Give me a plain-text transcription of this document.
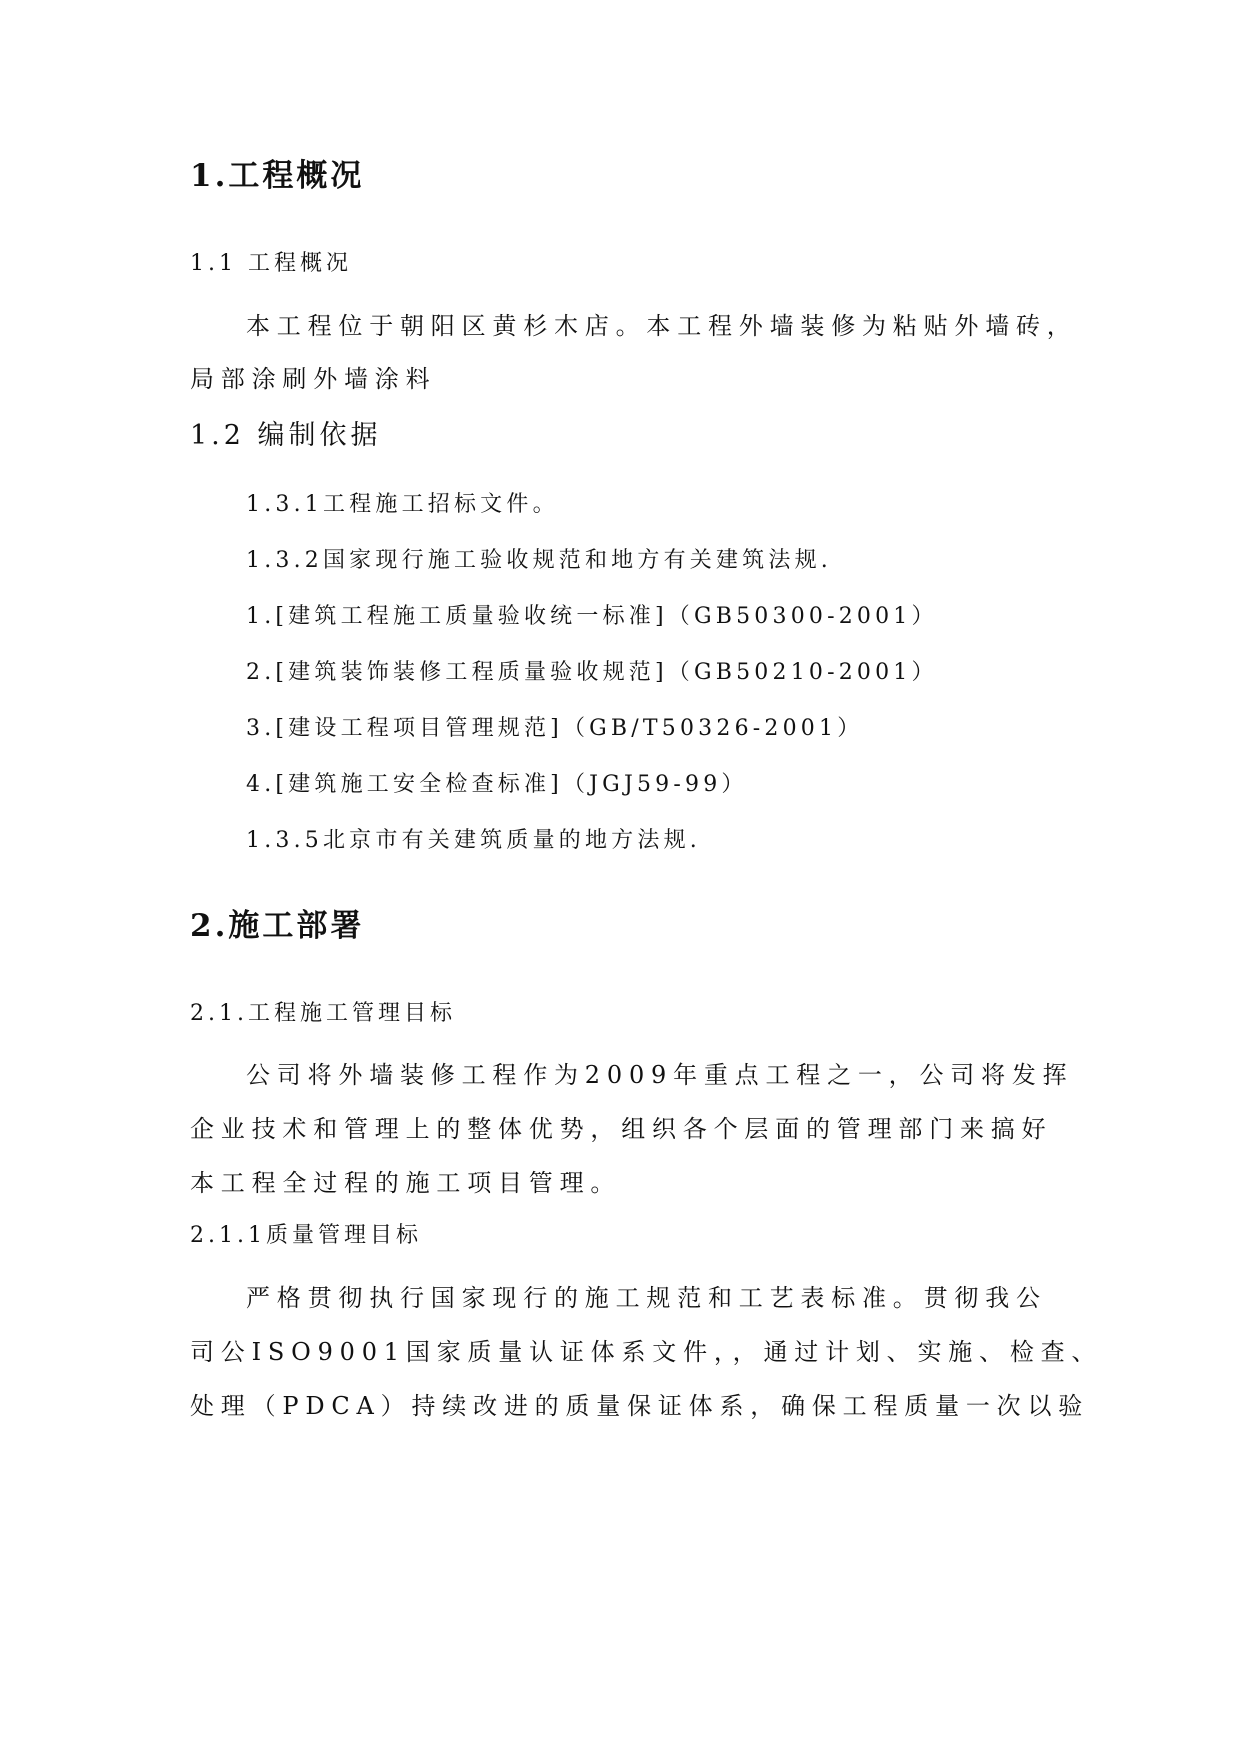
1.工程概况

1.1 工程概况

本工程位于朝阳区黄杉木店。本工程外墙装修为粘贴外墙砖，

局部涂刷外墙涂料

1.2 编制依据

1.3.1工程施工招标文件。

1.3.2国家现行施工验收规范和地方有关建筑法规.

1.[建筑工程施工质量验收统一标准]（GB50300-2001）

2.[建筑装饰装修工程质量验收规范]（GB50210-2001）

3.[建设工程项目管理规范]（GB/T50326-2001）

4.[建筑施工安全检查标准]（JGJ59-99）

1.3.5北京市有关建筑质量的地方法规.

2.施工部署

2.1.工程施工管理目标

公司将外墙装修工程作为2009年重点工程之一，公司将发挥

企业技术和管理上的整体优势，组织各个层面的管理部门来搞好

本工程全过程的施工项目管理。

2.1.1质量管理目标

严格贯彻执行国家现行的施工规范和工艺表标准。贯彻我公

司公ISO9001国家质量认证体系文件，，通过计划、实施、检查、

处理（PDCA）持续改进的质量保证体系，确保工程质量一次以验
